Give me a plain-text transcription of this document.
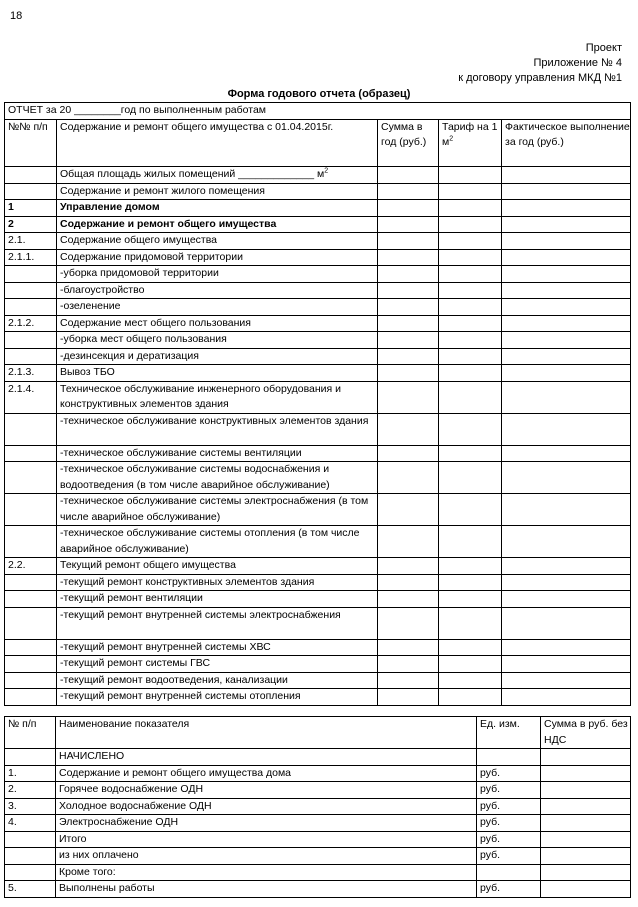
18
Проект
Приложение № 4
к договору управления МКД №1
Форма годового отчета (образец)
ОТЧЕТ за 20 ________год по выполненным работам				
№№ п/п	Содержание и ремонт общего имущества с 01.04.2015г.	Сумма в год (руб.)	Тариф на 1 $м^2$	Фактическое выполнение за год (руб.)
	Общая площадь жилых помещений _____________ $м^2$			
	Содержание и ремонт жилого помещения			
1	Управление домом			
2	Содержание и ремонт общего имущества			
2.1.	Содержание общего имущества			
2.1.1.	Содержание придомовой территории			
	-уборка придомовой территории			
	-благоустройство			
	-озеленение			
2.1.2.	Содержание мест общего пользования			
	-уборка мест общего пользования			
	-дезинсекция и дератизация			
2.1.3.	Вывоз ТБО			
2.1.4.	Техническое обслуживание инженерного оборудования и конструктивных элементов здания			
	-техническое обслуживание конструктивных элементов здания			
	-техническое обслуживание системы вентиляции			
	-техническое обслуживание системы водоснабжения и водоотведения (в том числе аварийное обслуживание)			
	-техническое обслуживание системы электроснабжения (в том числе аварийное обслуживание)			
	-техническое обслуживание системы отопления (в том числе аварийное обслуживание)			
2.2.	Текущий ремонт общего имущества			
	-текущий ремонт конструктивных элементов здания			
	-текущий ремонт вентиляции			
	-текущий ремонт внутренней системы электроснабжения			
	-текущий ремонт внутренней системы ХВС			
	-текущий ремонт системы ГВС			
	-текущий ремонт водоотведения, канализации			
	-текущий ремонт внутренней системы отопления			
№ п/п	Наименование показателя	Ед. изм.	Сумма в руб. без НДС
	НАЧИСЛЕНО		
1.	Содержание и ремонт общего имущества дома	руб.	
2.	Горячее водоснабжение ОДН	руб.	
3.	Холодное водоснабжение ОДН	руб.	
4.	Электроснабжение ОДН	руб.	
	Итого	руб.	
	из них оплачено	руб.	
	Кроме того:		
5.	Выполнены работы	руб.	
